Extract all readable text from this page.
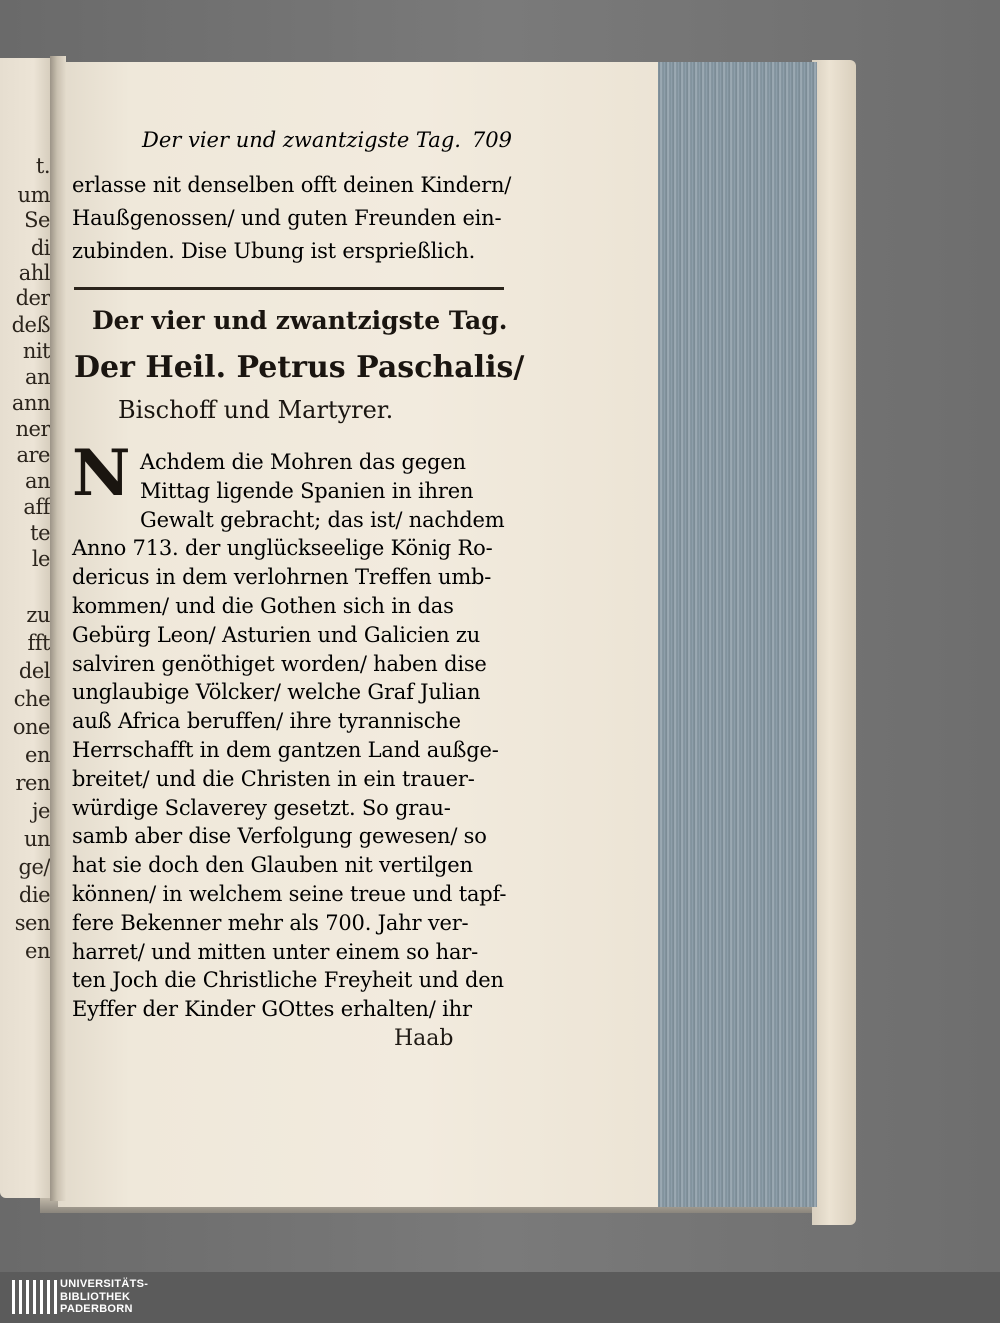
t.
um
Se
di
ahl
der
deß
nit
an
ann
ner
are
an
aff
te
le
zu
fft
del
che
one
en
ren
je
un
ge/
die
sen
en
Der vier und zwantzigste Tag. 709
erlasse nit denselben offt deinen Kindern/
Haußgenossen/ und guten Freunden ein-
zubinden. Dise Ubung ist ersprießlich.
Der vier und zwantzigste Tag.
Der Heil. Petrus Paschalis/
Bischoff und Martyrer.
N Achdem die Mohren das gegen
Mittag ligende Spanien in ihren
Gewalt gebracht; das ist/ nachdem
Anno 713. der unglückseelige König Ro-
dericus in dem verlohrnen Treffen umb-
kommen/ und die Gothen sich in das
Gebürg Leon/ Asturien und Galicien zu
salviren genöthiget worden/ haben dise
unglaubige Völcker/ welche Graf Julian
auß Africa beruffen/ ihre tyrannische
Herrschafft in dem gantzen Land außge-
breitet/ und die Christen in ein trauer-
würdige Sclaverey gesetzt. So grau-
samb aber dise Verfolgung gewesen/ so
hat sie doch den Glauben nit vertilgen
können/ in welchem seine treue und tapf-
fere Bekenner mehr als 700. Jahr ver-
harret/ und mitten unter einem so har-
ten Joch die Christliche Freyheit und den
Eyffer der Kinder GOttes erhalten/ ihr
Haab
UNIVERSITÄTS-
BIBLIOTHEK
PADERBORN
